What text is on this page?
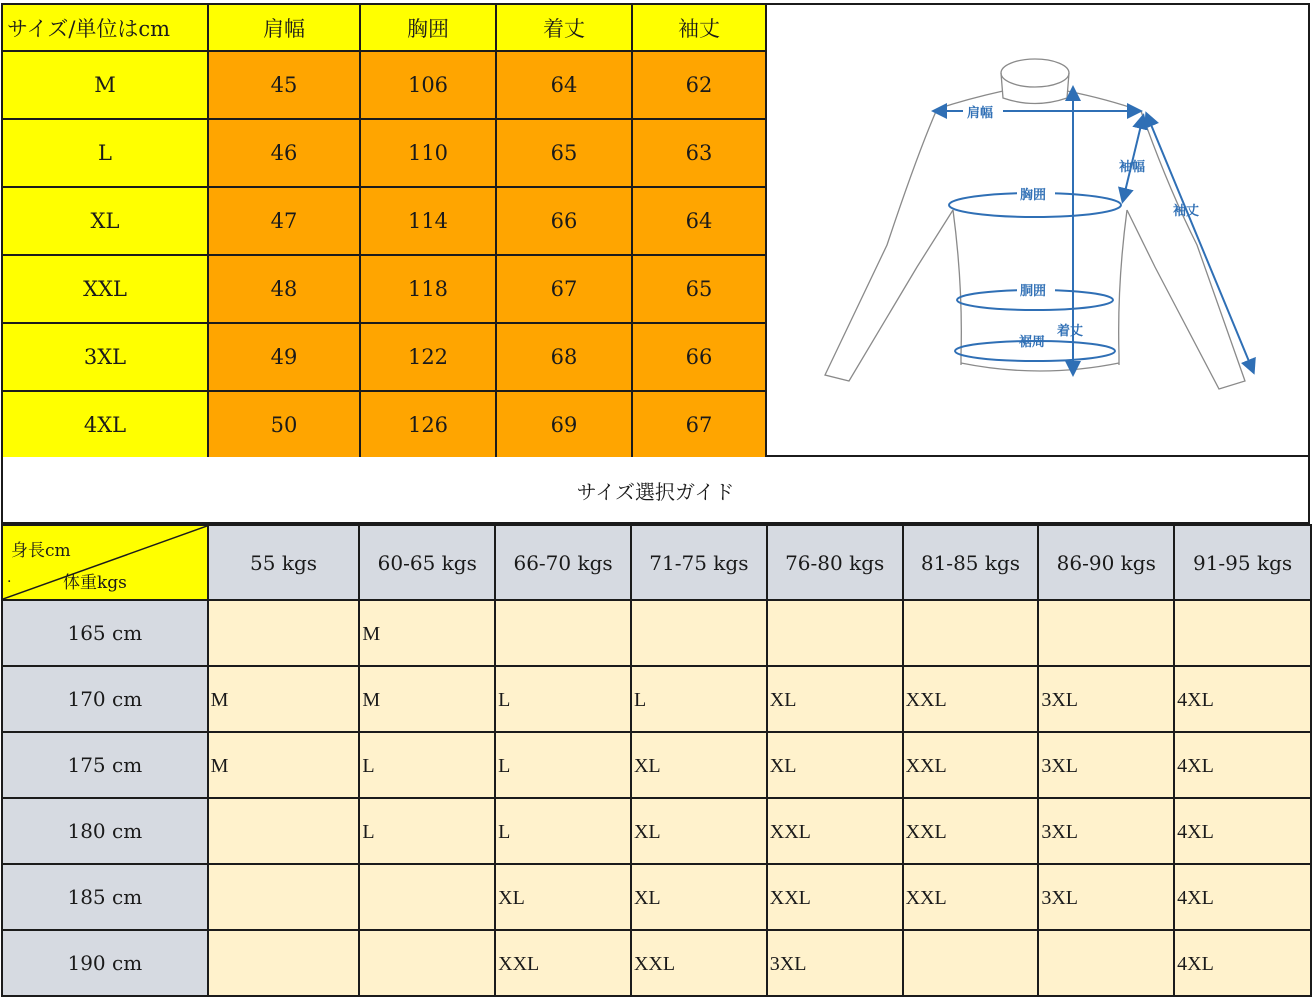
サイズ/単位はcm	肩幅	胸囲	着丈	袖丈
M	45	106	64	62
L	46	110	65	63
XL	47	114	66	64
XXL	48	118	67	65
3XL	49	122	68	66
4XL	50	126	69	67
肩幅
袖幅
袖丈
胸囲
胴囲
裾周
着丈
サイズ選択ガイド
身長cm
. 体重kgs	55 kgs	60-65 kgs	66-70 kgs	71-75 kgs	76-80 kgs	81-85 kgs	86-90 kgs	91-95 kgs
165 cm		M						
170 cm	M	M	L	L	XL	XXL	3XL	4XL
175 cm	M	L	L	XL	XL	XXL	3XL	4XL
180 cm		L	L	XL	XXL	XXL	3XL	4XL
185 cm			XL	XL	XXL	XXL	3XL	4XL
190 cm			XXL	XXL	3XL			4XL
